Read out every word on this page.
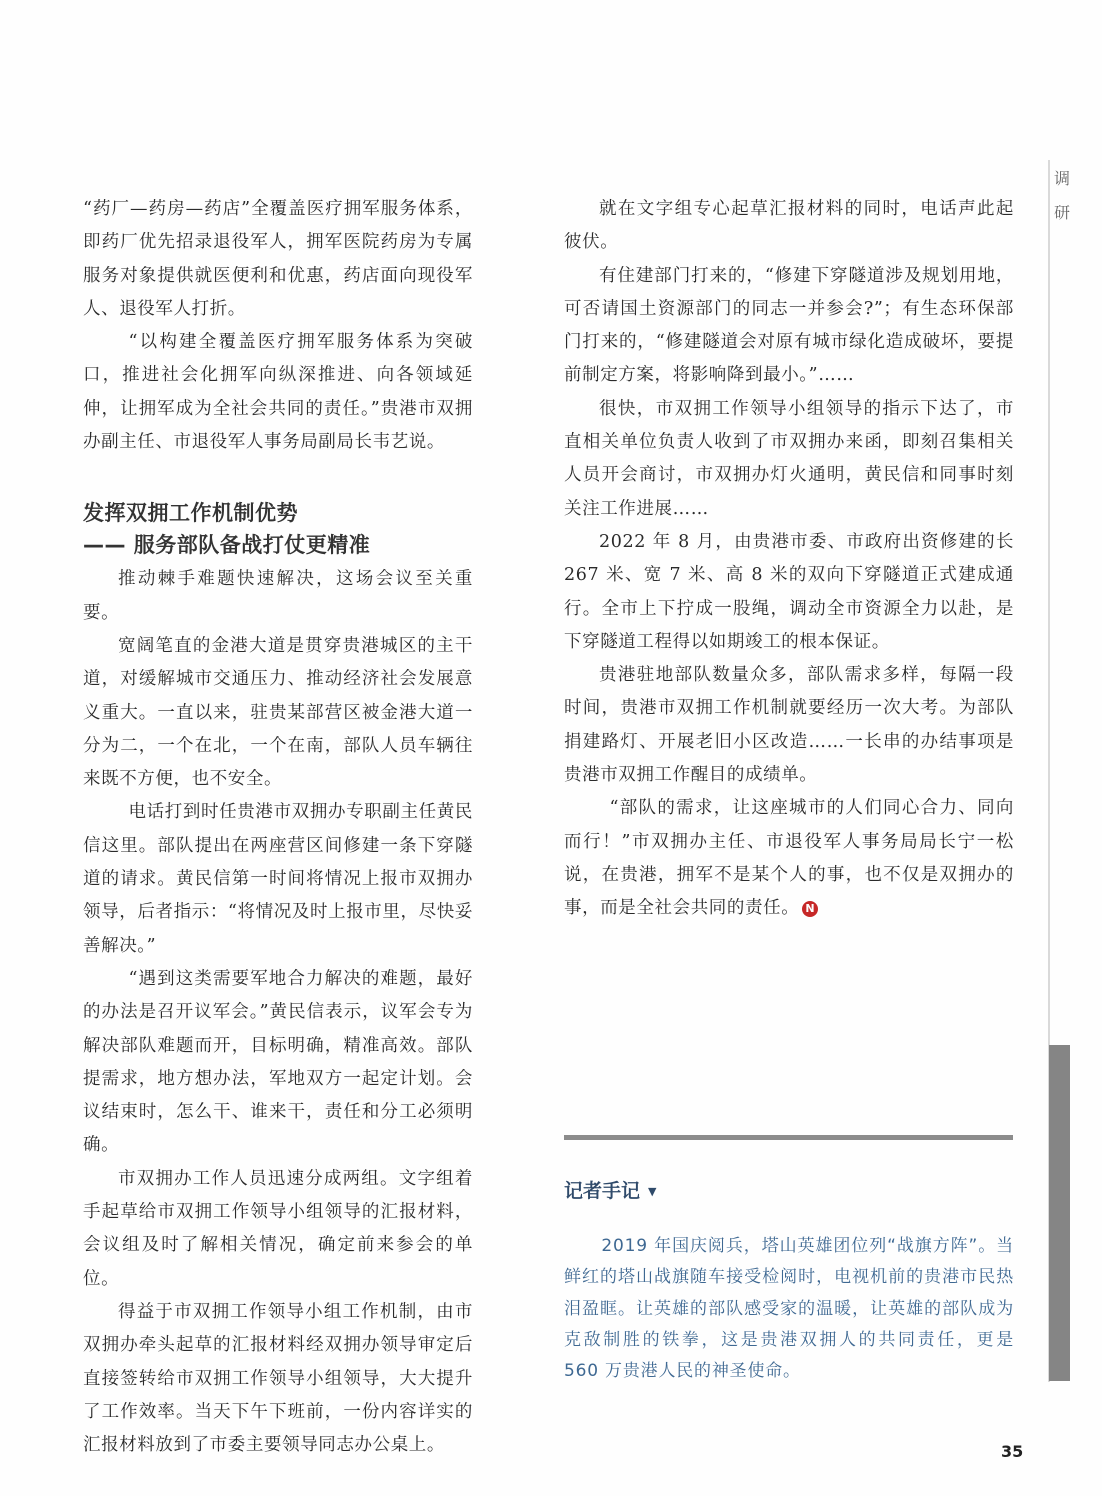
调
研

“药厂—药房—药店”全覆盖医疗拥军服务体系，即药厂优先招录退役军人，拥军医院药房为专属服务对象提供就医便利和优惠，药店面向现役军人、退役军人打折。

“以构建全覆盖医疗拥军服务体系为突破口，推进社会化拥军向纵深推进、向各领域延伸，让拥军成为全社会共同的责任。”贵港市双拥办副主任、市退役军人事务局副局长韦艺说。

发挥双拥工作机制优势
—— 服务部队备战打仗更精准

推动棘手难题快速解决，这场会议至关重要。

宽阔笔直的金港大道是贯穿贵港城区的主干道，对缓解城市交通压力、推动经济社会发展意义重大。一直以来，驻贵某部营区被金港大道一分为二，一个在北，一个在南，部队人员车辆往来既不方便，也不安全。

电话打到时任贵港市双拥办专职副主任黄民信这里。部队提出在两座营区间修建一条下穿隧道的请求。黄民信第一时间将情况上报市双拥办领导，后者指示：“将情况及时上报市里，尽快妥善解决。”

“遇到这类需要军地合力解决的难题，最好的办法是召开议军会。”黄民信表示，议军会专为解决部队难题而开，目标明确，精准高效。部队提需求，地方想办法，军地双方一起定计划。会议结束时，怎么干、谁来干，责任和分工必须明确。

市双拥办工作人员迅速分成两组。文字组着手起草给市双拥工作领导小组领导的汇报材料，会议组及时了解相关情况，确定前来参会的单位。

得益于市双拥工作领导小组工作机制，由市双拥办牵头起草的汇报材料经双拥办领导审定后直接签转给市双拥工作领导小组领导，大大提升了工作效率。当天下午下班前，一份内容详实的汇报材料放到了市委主要领导同志办公桌上。

就在文字组专心起草汇报材料的同时，电话声此起彼伏。

有住建部门打来的，“修建下穿隧道涉及规划用地，可否请国土资源部门的同志一并参会?”；有生态环保部门打来的，“修建隧道会对原有城市绿化造成破坏，要提前制定方案，将影响降到最小。”……

很快，市双拥工作领导小组领导的指示下达了，市直相关单位负责人收到了市双拥办来函，即刻召集相关人员开会商讨，市双拥办灯火通明，黄民信和同事时刻关注工作进展……

2022 年 8 月，由贵港市委、市政府出资修建的长 267 米、宽 7 米、高 8 米的双向下穿隧道正式建成通行。全市上下拧成一股绳，调动全市资源全力以赴，是下穿隧道工程得以如期竣工的根本保证。

贵港驻地部队数量众多，部队需求多样，每隔一段时间，贵港市双拥工作机制就要经历一次大考。为部队捐建路灯、开展老旧小区改造……一长串的办结事项是贵港市双拥工作醒目的成绩单。

“部队的需求，让这座城市的人们同心合力、同向而行！”市双拥办主任、市退役军人事务局局长宁一松说，在贵港，拥军不是某个人的事，也不仅是双拥办的事，而是全社会共同的责任。 N

记者手记 ▼

2019 年国庆阅兵，塔山英雄团位列“战旗方阵”。当鲜红的塔山战旗随车接受检阅时，电视机前的贵港市民热泪盈眶。让英雄的部队感受家的温暖，让英雄的部队成为克敌制胜的铁拳，这是贵港双拥人的共同责任，更是 560 万贵港人民的神圣使命。

35
